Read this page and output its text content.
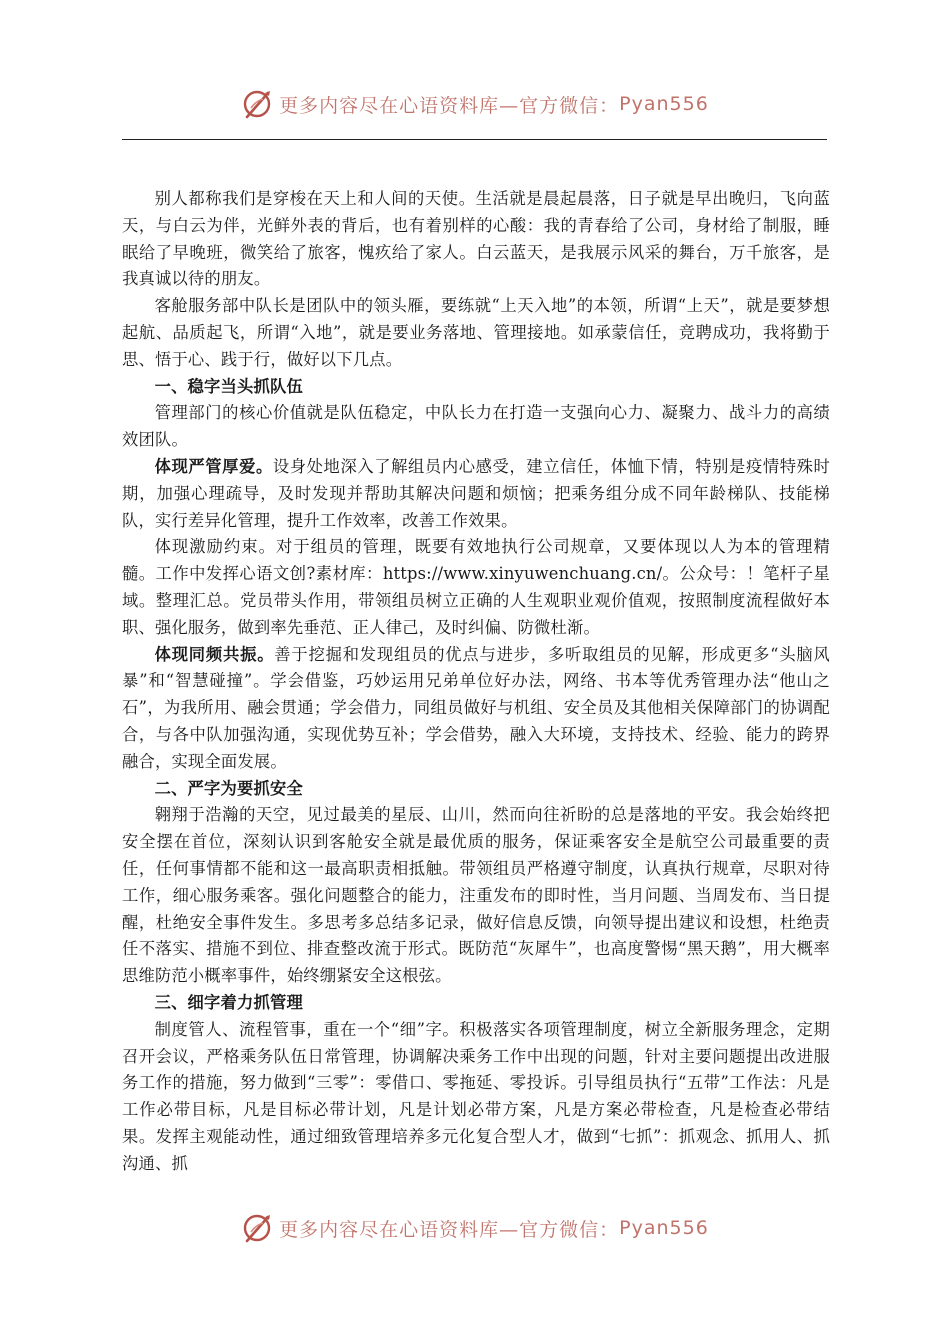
更多内容尽在心语资料库—官方微信： Pyan556

别人都称我们是穿梭在天上和人间的天使。生活就是晨起晨落，日子就是早出晚归，飞向蓝天，与白云为伴，光鲜外表的背后，也有着别样的心酸：我的青春给了公司，身材给了制服，睡眠给了早晚班，微笑给了旅客，愧疚给了家人。白云蓝天，是我展示风采的舞台，万千旅客，是我真诚以待的朋友。

客舱服务部中队长是团队中的领头雁，要练就“上天入地”的本领，所谓“上天”，就是要梦想起航、品质起飞，所谓“入地”，就是要业务落地、管理接地。如承蒙信任，竞聘成功，我将勤于思、悟于心、践于行，做好以下几点。

一、稳字当头抓队伍

管理部门的核心价值就是队伍稳定，中队长力在打造一支强向心力、凝聚力、战斗力的高绩效团队。

体现严管厚爱。设身处地深入了解组员内心感受，建立信任，体恤下情，特别是疫情特殊时期，加强心理疏导，及时发现并帮助其解决问题和烦恼；把乘务组分成不同年龄梯队、技能梯队，实行差异化管理，提升工作效率，改善工作效果。

体现激励约束。对于组员的管理，既要有效地执行公司规章，又要体现以人为本的管理精髓。工作中发挥心语文创?素材库：https://www.xinyuwenchuang.cn/。公众号：！笔杆子星域。整理汇总。党员带头作用，带领组员树立正确的人生观职业观价值观，按照制度流程做好本职、强化服务，做到率先垂范、正人律己，及时纠偏、防微杜渐。

体现同频共振。善于挖掘和发现组员的优点与进步，多听取组员的见解，形成更多“头脑风暴”和“智慧碰撞”。学会借鉴，巧妙运用兄弟单位好办法，网络、书本等优秀管理办法“他山之石”，为我所用、融会贯通；学会借力，同组员做好与机组、安全员及其他相关保障部门的协调配合，与各中队加强沟通，实现优势互补；学会借势，融入大环境，支持技术、经验、能力的跨界融合，实现全面发展。

二、严字为要抓安全

翱翔于浩瀚的天空，见过最美的星辰、山川，然而向往祈盼的总是落地的平安。我会始终把安全摆在首位，深刻认识到客舱安全就是最优质的服务，保证乘客安全是航空公司最重要的责任，任何事情都不能和这一最高职责相抵触。带领组员严格遵守制度，认真执行规章，尽职对待工作，细心服务乘客。强化问题整合的能力，注重发布的即时性，当月问题、当周发布、当日提醒，杜绝安全事件发生。多思考多总结多记录，做好信息反馈，向领导提出建议和设想，杜绝责任不落实、措施不到位、排查整改流于形式。既防范“灰犀牛”，也高度警惕“黑天鹅”，用大概率思维防范小概率事件，始终绷紧安全这根弦。

三、细字着力抓管理

制度管人、流程管事，重在一个“细”字。积极落实各项管理制度，树立全新服务理念，定期召开会议，严格乘务队伍日常管理，协调解决乘务工作中出现的问题，针对主要问题提出改进服务工作的措施，努力做到“三零”：零借口、零拖延、零投诉。引导组员执行“五带”工作法：凡是工作必带目标，凡是目标必带计划，凡是计划必带方案，凡是方案必带检查，凡是检查必带结果。发挥主观能动性，通过细致管理培养多元化复合型人才，做到“七抓”：抓观念、抓用人、抓沟通、抓

更多内容尽在心语资料库—官方微信： Pyan556
